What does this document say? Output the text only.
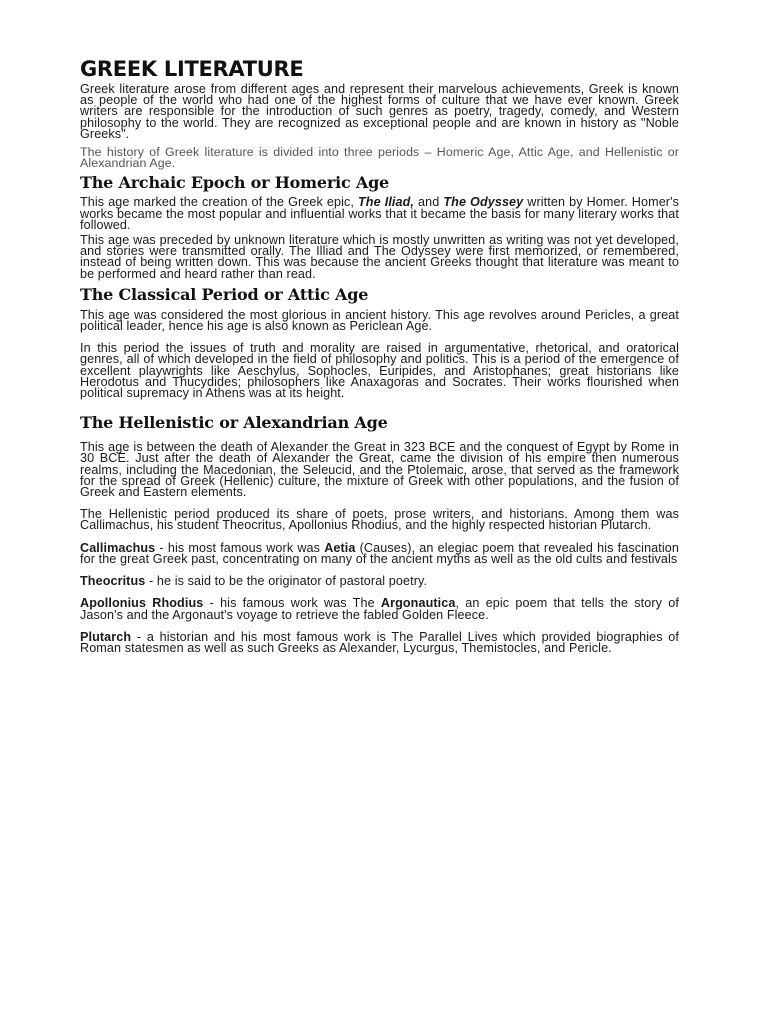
GREEK LITERATURE

Greek literature arose from different ages and represent their marvelous achievements, Greek is known as people of the world who had one of the highest forms of culture that we have ever known. Greek writers are responsible for the introduction of such genres as poetry, tragedy, comedy, and Western philosophy to the world. They are recognized as exceptional people and are known in history as "Noble Greeks".

The history of Greek literature is divided into three periods – Homeric Age, Attic Age, and Hellenistic or Alexandrian Age.

The Archaic Epoch or Homeric Age

This age marked the creation of the Greek epic, The Iliad, and The Odyssey written by Homer. Homer's works became the most popular and influential works that it became the basis for many literary works that followed.

This age was preceded by unknown literature which is mostly unwritten as writing was not yet developed, and stories were transmitted orally. The Illiad and The Odyssey were first memorized, or remembered, instead of being written down. This was because the ancient Greeks thought that literature was meant to be performed and heard rather than read.

The Classical Period or Attic Age

This age was considered the most glorious in ancient history. This age revolves around Pericles, a great political leader, hence his age is also known as Periclean Age.

In this period the issues of truth and morality are raised in argumentative, rhetorical, and oratorical genres, all of which developed in the field of philosophy and politics. This is a period of the emergence of excellent playwrights like Aeschylus, Sophocles, Euripides, and Aristophanes; great historians like Herodotus and Thucydides; philosophers like Anaxagoras and Socrates. Their works flourished when political supremacy in Athens was at its height.

The Hellenistic or Alexandrian Age

This age is between the death of Alexander the Great in 323 BCE and the conquest of Egypt by Rome in 30 BCE. Just after the death of Alexander the Great, came the division of his empire then numerous realms, including the Macedonian, the Seleucid, and the Ptolemaic, arose, that served as the framework for the spread of Greek (Hellenic) culture, the mixture of Greek with other populations, and the fusion of Greek and Eastern elements.

The Hellenistic period produced its share of poets, prose writers, and historians. Among them was Callimachus, his student Theocritus, Apollonius Rhodius, and the highly respected historian Plutarch.

Callimachus - his most famous work was Aetia (Causes), an elegiac poem that revealed his fascination for the great Greek past, concentrating on many of the ancient myths as well as the old cults and festivals

Theocritus - he is said to be the originator of pastoral poetry.

Apollonius Rhodius - his famous work was The Argonautica, an epic poem that tells the story of Jason's and the Argonaut's voyage to retrieve the fabled Golden Fleece.

Plutarch - a historian and his most famous work is The Parallel Lives which provided biographies of Roman statesmen as well as such Greeks as Alexander, Lycurgus, Themistocles, and Pericle.
